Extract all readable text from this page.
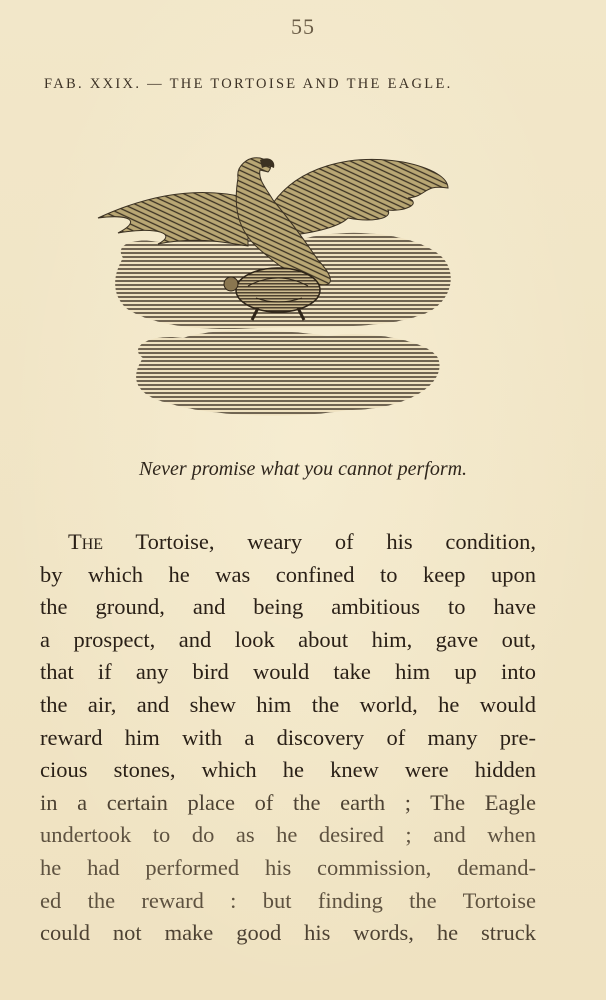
55
FAB. XXIX. — THE TORTOISE AND THE EAGLE.
Never promise what you cannot perform.
The Tortoise, weary of his condition,
by which he was confined to keep upon
the ground, and being ambitious to have
a prospect, and look about him, gave out,
that if any bird would take him up into
the air, and shew him the world, he would
reward him with a discovery of many pre-
cious stones, which he knew were hidden
in a certain place of the earth ; The Eagle
undertook to do as he desired ; and when
he had performed his commission, demand-
ed the reward : but finding the Tortoise
could not make good his words, he struck
